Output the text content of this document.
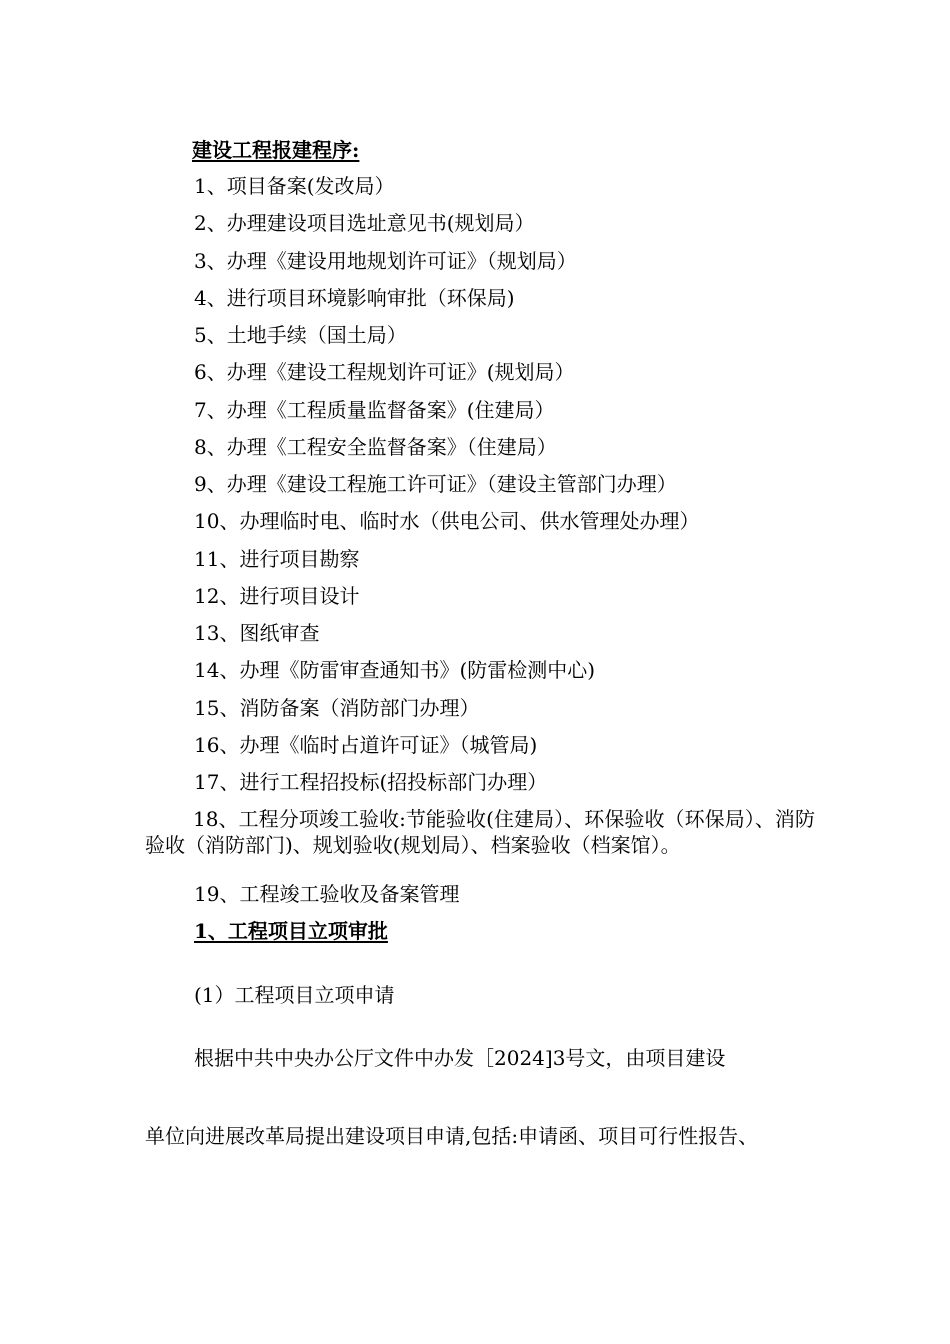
建设工程报建程序:
1、项目备案(发改局）
2、办理建设项目选址意见书(规划局）
3、办理《建设用地规划许可证》（规划局）
4、进行项目环境影响审批（环保局)
5、土地手续（国土局）
6、办理《建设工程规划许可证》(规划局）
7、办理《工程质量监督备案》(住建局）
8、办理《工程安全监督备案》（住建局）
9、办理《建设工程施工许可证》（建设主管部门办理）
10、办理临时电、临时水（供电公司、供水管理处办理）
11、进行项目勘察
12、进行项目设计
13、图纸审查
14、办理《防雷审查通知书》(防雷检测中心)
15、消防备案（消防部门办理）
16、办理《临时占道许可证》（城管局)
17、进行工程招投标(招投标部门办理）
18、工程分项竣工验收:节能验收(住建局）、环保验收（环保局）、消防验收（消防部门)、规划验收(规划局）、档案验收（档案馆）。
19、工程竣工验收及备案管理
1、工程项目立项审批
(1）工程项目立项申请
根据中共中央办公厅文件中办发［2024]3号文，由项目建设
单位向进展改革局提出建设项目申请,包括:申请函、项目可行性报告、
